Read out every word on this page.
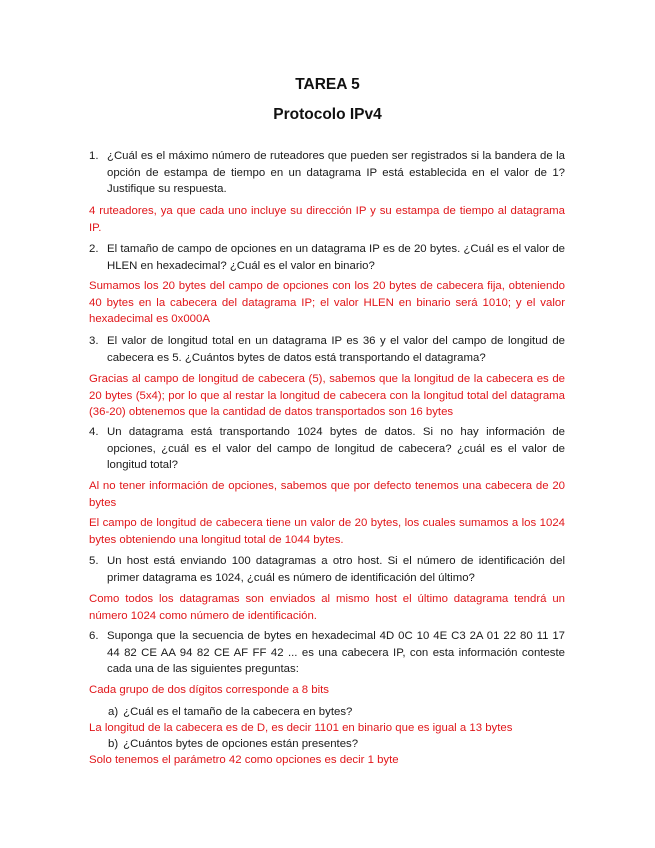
TAREA 5
Protocolo IPv4
1. ¿Cuál es el máximo número de ruteadores que pueden ser registrados si la bandera de la opción de estampa de tiempo en un datagrama IP está establecida en el valor de 1? Justifique su respuesta.
4 ruteadores, ya que cada uno incluye su dirección IP y su estampa de tiempo al datagrama IP.
2. El tamaño de campo de opciones en un datagrama IP es de 20 bytes. ¿Cuál es el valor de HLEN en hexadecimal? ¿Cuál es el valor en binario?
Sumamos los 20 bytes del campo de opciones con los 20 bytes de cabecera fija, obteniendo 40 bytes en la cabecera del datagrama IP; el valor HLEN en binario será 1010; y el valor hexadecimal es 0x000A
3. El valor de longitud total en un datagrama IP es 36 y el valor del campo de longitud de cabecera es 5. ¿Cuántos bytes de datos está transportando el datagrama?
Gracias al campo de longitud de cabecera (5), sabemos que la longitud de la cabecera es de 20 bytes (5x4); por lo que al restar la longitud de cabecera con la longitud total del datagrama (36-20) obtenemos que la cantidad de datos transportados son 16 bytes
4. Un datagrama está transportando 1024 bytes de datos. Si no hay información de opciones, ¿cuál es el valor del campo de longitud de cabecera? ¿cuál es el valor de longitud total?
Al no tener información de opciones, sabemos que por defecto tenemos una cabecera de 20 bytes
El campo de longitud de cabecera tiene un valor de 20 bytes, los cuales sumamos a los 1024 bytes obteniendo una longitud total de 1044 bytes.
5. Un host está enviando 100 datagramas a otro host. Si el número de identificación del primer datagrama es 1024, ¿cuál es número de identificación del último?
Como todos los datagramas son enviados al mismo host el último datagrama tendrá un número 1024 como número de identificación.
6. Suponga que la secuencia de bytes en hexadecimal 4D 0C 10 4E C3 2A 01 22 80 11 17 44 82 CE AA 94 82 CE AF FF 42 ... es una cabecera IP, con esta información conteste cada una de las siguientes preguntas:
Cada grupo de dos dígitos corresponde a 8 bits
a) ¿Cuál es el tamaño de la cabecera en bytes?
La longitud de la cabecera es de D, es decir 1101 en binario que es igual a 13 bytes
b) ¿Cuántos bytes de opciones están presentes?
Solo tenemos el parámetro 42 como opciones es decir 1 byte
